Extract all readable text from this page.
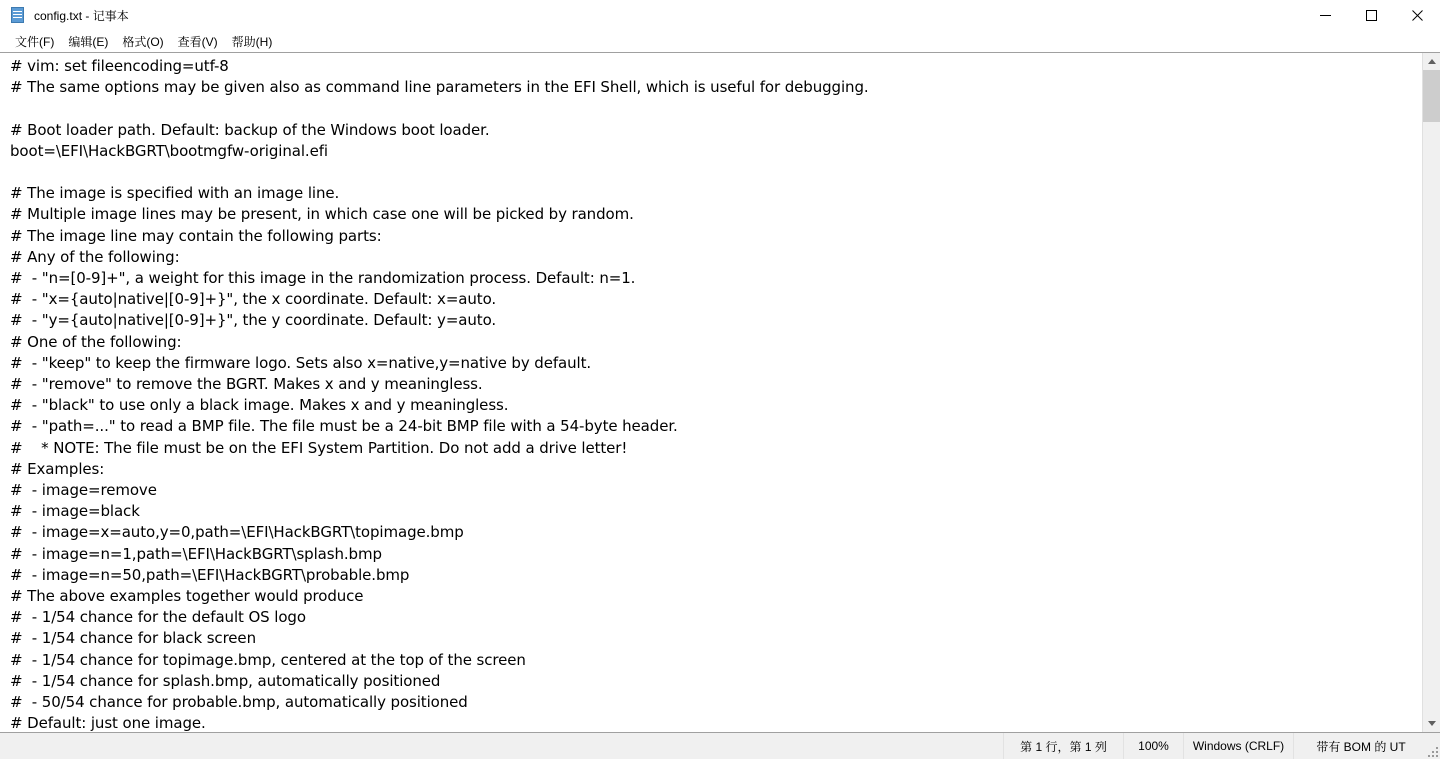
config.txt - 记事本
文件(F)	编辑(E)	格式(O)	查看(V)	帮助(H)
# vim: set fileencoding=utf-8
# The same options may be given also as command line parameters in the EFI Shell, which is useful for debugging.

# Boot loader path. Default: backup of the Windows boot loader.
boot=\EFI\HackBGRT\bootmgfw-original.efi

# The image is specified with an image line.
# Multiple image lines may be present, in which case one will be picked by random.
# The image line may contain the following parts:
# Any of the following:
#  - "n=[0-9]+", a weight for this image in the randomization process. Default: n=1.
#  - "x={auto|native|[0-9]+}", the x coordinate. Default: x=auto.
#  - "y={auto|native|[0-9]+}", the y coordinate. Default: y=auto.
# One of the following:
#  - "keep" to keep the firmware logo. Sets also x=native,y=native by default.
#  - "remove" to remove the BGRT. Makes x and y meaningless.
#  - "black" to use only a black image. Makes x and y meaningless.
#  - "path=..." to read a BMP file. The file must be a 24-bit BMP file with a 54-byte header.
#    * NOTE: The file must be on the EFI System Partition. Do not add a drive letter!
# Examples:
#  - image=remove
#  - image=black
#  - image=x=auto,y=0,path=\EFI\HackBGRT\topimage.bmp
#  - image=n=1,path=\EFI\HackBGRT\splash.bmp
#  - image=n=50,path=\EFI\HackBGRT\probable.bmp
# The above examples together would produce
#  - 1/54 chance for the default OS logo
#  - 1/54 chance for black screen
#  - 1/54 chance for topimage.bmp, centered at the top of the screen
#  - 1/54 chance for splash.bmp, automatically positioned
#  - 50/54 chance for probable.bmp, automatically positioned
# Default: just one image.
第 1 行，第 1 列	100%	Windows (CRLF)	带有 BOM 的 UT
